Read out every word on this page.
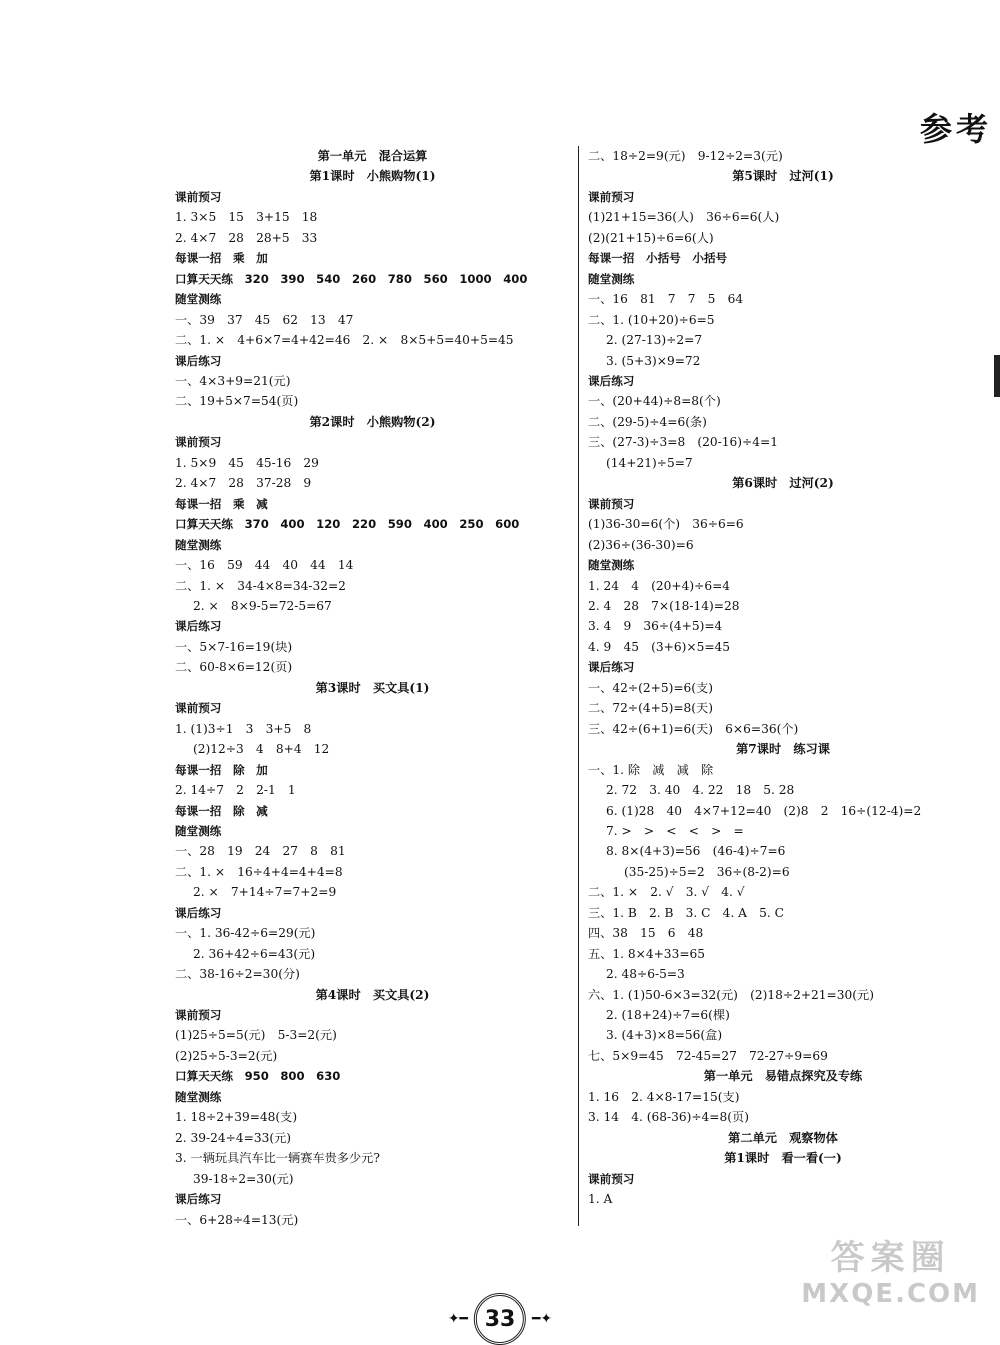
参考
第一单元　混合运算
第1课时　小熊购物(1)
课前预习
1. 3×5　15　3+15　18
2. 4×7　28　28+5　33
每课一招　乘　加
口算天天练　320　390　540　260　780　560　1000　400
随堂测练
一、39　37　45　62　13　47
二、1. ×　4+6×7=4+42=46　2. ×　8×5+5=40+5=45
课后练习
一、4×3+9=21(元)
二、19+5×7=54(页)
第2课时　小熊购物(2)
课前预习
1. 5×9　45　45-16　29
2. 4×7　28　37-28　9
每课一招　乘　减
口算天天练　370　400　120　220　590　400　250　600
随堂测练
一、16　59　44　40　44　14
二、1. ×　34-4×8=34-32=2
2. ×　8×9-5=72-5=67
课后练习
一、5×7-16=19(块)
二、60-8×6=12(页)
第3课时　买文具(1)
课前预习
1. (1)3÷1　3　3+5　8
(2)12÷3　4　8+4　12
每课一招　除　加
2. 14÷7　2　2-1　1
每课一招　除　减
随堂测练
一、28　19　24　27　8　81
二、1. ×　16÷4+4=4+4=8
2. ×　7+14÷7=7+2=9
课后练习
一、1. 36-42÷6=29(元)
2. 36+42÷6=43(元)
二、38-16÷2=30(分)
第4课时　买文具(2)
课前预习
(1)25÷5=5(元)　5-3=2(元)
(2)25÷5-3=2(元)
口算天天练　950　800　630
随堂测练
1. 18÷2+39=48(支)
2. 39-24÷4=33(元)
3. 一辆玩具汽车比一辆赛车贵多少元?
39-18÷2=30(元)
课后练习
一、6+28÷4=13(元)
二、18÷2=9(元)　9-12÷2=3(元)
第5课时　过河(1)
课前预习
(1)21+15=36(人)　36÷6=6(人)
(2)(21+15)÷6=6(人)
每课一招　小括号　小括号
随堂测练
一、16　81　7　7　5　64
二、1. (10+20)÷6=5
2. (27-13)÷2=7
3. (5+3)×9=72
课后练习
一、(20+44)÷8=8(个)
二、(29-5)÷4=6(条)
三、(27-3)÷3=8　(20-16)÷4=1
(14+21)÷5=7
第6课时　过河(2)
课前预习
(1)36-30=6(个)　36÷6=6
(2)36÷(36-30)=6
随堂测练
1. 24　4　(20+4)÷6=4
2. 4　28　7×(18-14)=28
3. 4　9　36÷(4+5)=4
4. 9　45　(3+6)×5=45
课后练习
一、42÷(2+5)=6(支)
二、72÷(4+5)=8(天)
三、42÷(6+1)=6(天)　6×6=36(个)
第7课时　练习课
一、1. 除　减　减　除
2. 72　3. 40　4. 22　18　5. 28
6. (1)28　40　4×7+12=40　(2)8　2　16÷(12-4)=2
7. >　>　<　<　>　=
8. 8×(4+3)=56　(46-4)÷7=6
(35-25)÷5=2　36÷(8-2)=6
二、1. ×　2. √　3. √　4. √
三、1. B　2. B　3. C　4. A　5. C
四、38　15　6　48
五、1. 8×4+33=65
2. 48÷6-5=3
六、1. (1)50-6×3=32(元)　(2)18÷2+21=30(元)
2. (18+24)÷7=6(棵)
3. (4+3)×8=56(盒)
七、5×9=45　72-45=27　72-27÷9=69
第一单元　易错点探究及专练
1. 16　2. 4×8-17=15(支)
3. 14　4. (68-36)÷4=8(页)
第二单元　观察物体
第1课时　看一看(一)
课前预习
1. A
✦━ 33	━✦
答案圈
MXQE.COM
